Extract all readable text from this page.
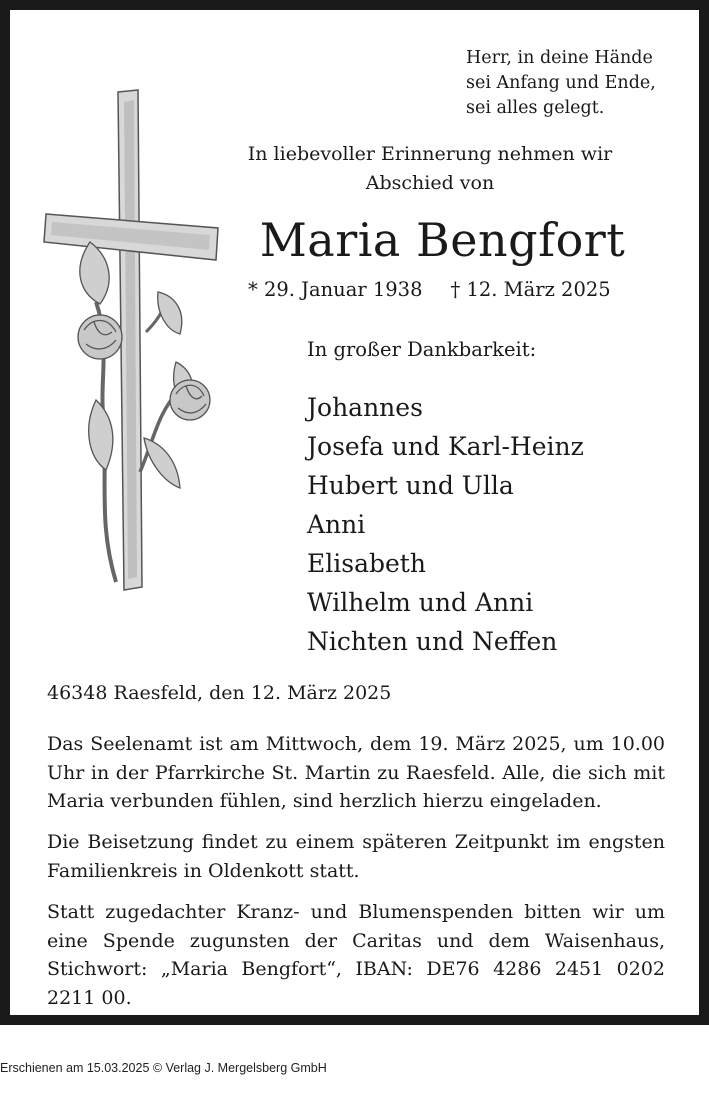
Herr, in deine Hände
sei Anfang und Ende,
sei alles gelegt.
In liebevoller Erinnerung nehmen wir
Abschied von
Maria Bengfort
* 29. Januar 1938 † 12. März 2025
In großer Dankbarkeit:
Johannes
Josefa und Karl-Heinz
Hubert und Ulla
Anni
Elisabeth
Wilhelm und Anni
Nichten und Neffen
46348 Raesfeld, den 12. März 2025
Das Seelenamt ist am Mittwoch, dem 19. März 2025, um 10.00 Uhr in der Pfarrkirche St. Martin zu Raesfeld. Alle, die sich mit Maria verbunden fühlen, sind herzlich hierzu eingeladen.
Die Beisetzung findet zu einem späteren Zeitpunkt im engsten Familienkreis in Oldenkott statt.
Statt zugedachter Kranz- und Blumenspenden bitten wir um eine Spende zugunsten der Caritas und dem Waisenhaus, Stichwort: „Maria Bengfort“, IBAN: DE76 4286 2451 0202 2211 00.
Erschienen am 15.03.2025 © Verlag J. Mergelsberg GmbH
